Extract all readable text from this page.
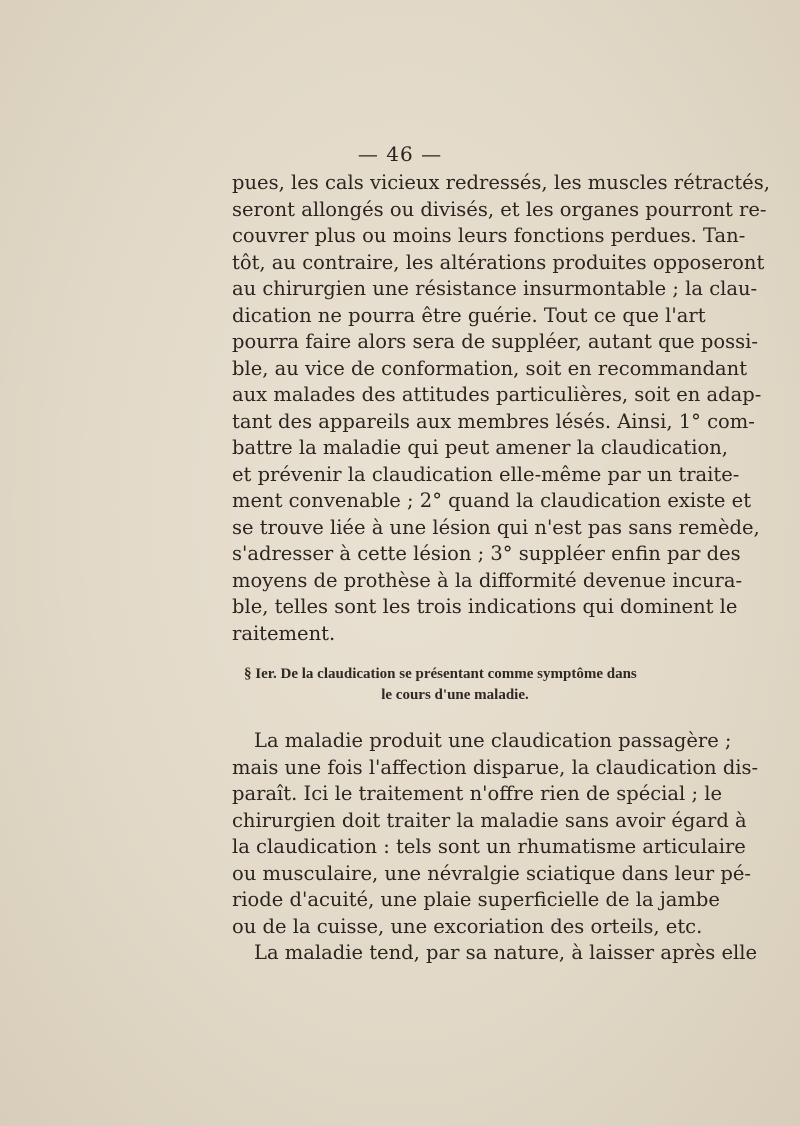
— 46 —
pues, les cals vicieux redressés, les muscles rétractés,
seront allongés ou divisés, et les organes pourront re-
couvrer plus ou moins leurs fonctions perdues. Tan-
tôt, au contraire, les altérations produites opposeront
au chirurgien une résistance insurmontable ; la clau-
dication ne pourra être guérie. Tout ce que l'art
pourra faire alors sera de suppléer, autant que possi-
ble, au vice de conformation, soit en recommandant
aux malades des attitudes particulières, soit en adap-
tant des appareils aux membres lésés. Ainsi, 1° com-
battre la maladie qui peut amener la claudication,
et prévenir la claudication elle-même par un traite-
ment convenable ; 2° quand la claudication existe et
se trouve liée à une lésion qui n'est pas sans remède,
s'adresser à cette lésion ; 3° suppléer enfin par des
moyens de prothèse à la difformité devenue incura-
ble, telles sont les trois indications qui dominent le
raitement.
§ Ier. De la claudication se présentant comme symptôme dans
le cours d'une maladie.
La maladie produit une claudication passagère ;
mais une fois l'affection disparue, la claudication dis-
paraît. Ici le traitement n'offre rien de spécial ; le
chirurgien doit traiter la maladie sans avoir égard à
la claudication : tels sont un rhumatisme articulaire
ou musculaire, une névralgie sciatique dans leur pé-
riode d'acuité, une plaie superficielle de la jambe
ou de la cuisse, une excoriation des orteils, etc.
La maladie tend, par sa nature, à laisser après elle
